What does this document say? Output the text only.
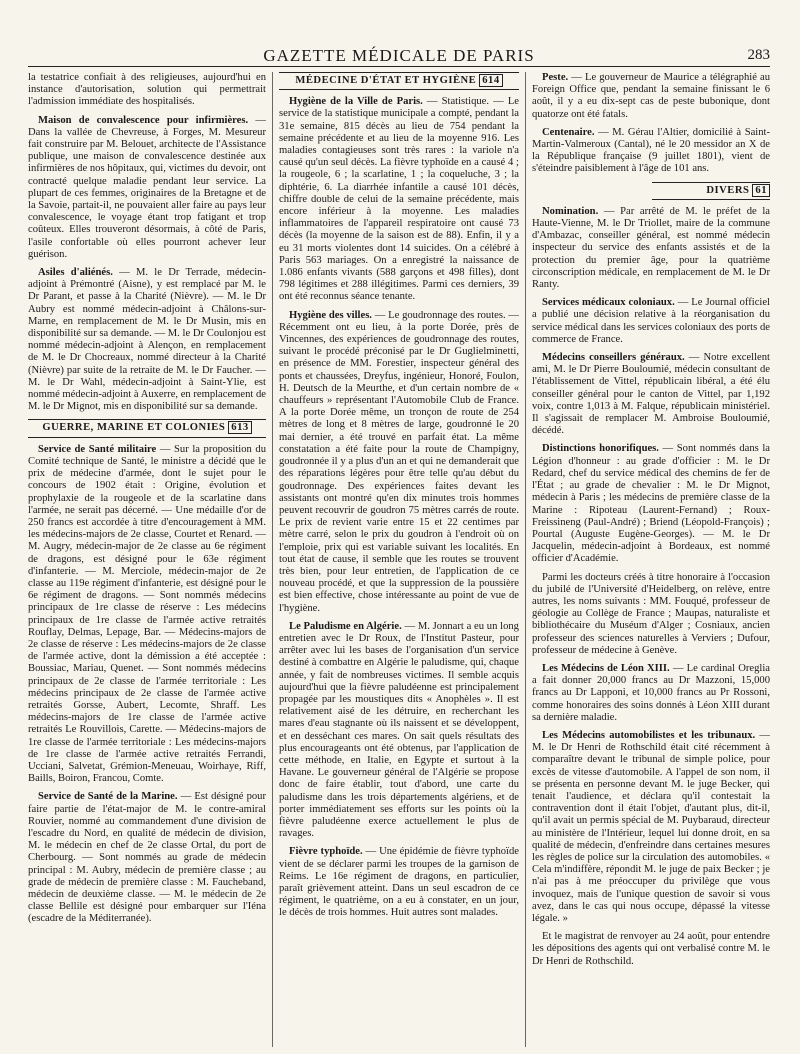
GAZETTE MÉDICALE DE PARIS	283

la testatrice confiait à des religieuses, aujourd'hui en instance d'autorisation, solution qui permettrait l'admission immédiate des hospitalisés.

Maison de convalescence pour infirmières. — Dans la vallée de Chevreuse, à Forges, M. Mesureur fait construire par M. Belouet, architecte de l'Assistance publique, une maison de convalescence destinée aux infirmières de nos hôpitaux, qui, victimes du devoir, ont contracté quelque maladie pendant leur service. La plupart de ces femmes, originaires de la Bretagne et de la Savoie, partait-il, ne pouvaient aller faire au pays leur convalescence, le voyage étant trop fatigant et trop coûteux. Elles trouveront désormais, à côté de Paris, l'asile confortable où elles pourront achever leur guérison.

Asiles d'aliénés. — M. le Dr Terrade, médecin-adjoint à Prémontré (Aisne), y est remplacé par M. le Dr Parant, et passe à la Charité (Nièvre). — M. le Dr Aubry est nommé médecin-adjoint à Châlons-sur-Marne, en remplacement de M. le Dr Musin, mis en disponibilité sur sa demande. — M. le Dr Coulonjou est nommé médecin-adjoint à Alençon, en remplacement de M. le Dr Chocreaux, nommé directeur à la Charité (Nièvre) par suite de la retraite de M. le Dr Faucher. — M. le Dr Wahl, médecin-adjoint à Saint-Ylie, est nommé médecin-adjoint à Auxerre, en remplacement de M. le Dr Mignot, mis en disponibilité sur sa demande.

GUERRE, MARINE ET COLONIES 613

Service de Santé militaire — Sur la proposition du Comité technique de Santé, le ministre a décidé que le prix de médecine d'armée, dont le sujet pour le concours de 1902 était : Origine, évolution et prophylaxie de la rougeole et de la scarlatine dans l'armée, ne serait pas décerné. — Une médaille d'or de 250 francs est accordée à titre d'encouragement à MM. les médecins-majors de 2e classe, Courtet et Renard. — M. Augry, médecin-major de 2e classe au 6e régiment de dragons, est désigné pour le 63e régiment d'infanterie. — M. Merciole, médecin-major de 2e classe au 119e régiment d'infanterie, est désigné pour le 6e régiment de dragons. — Sont nommés médecins principaux de 1re classe de réserve : Les médecins principaux de 1re classe de l'armée active retraités Rouflay, Delmas, Lepage, Bar. — Médecins-majors de 2e classe de réserve : Les médecins-majors de 2e classe de l'armée active, dont la démission a été acceptée : Boussiac, Mariau, Quenet. — Sont nommés médecins principaux de 2e classe de l'armée territoriale : Les médecins principaux de 2e classe de l'armée active retraités Gorsse, Aubert, Lecomte, Shraff. Les médecins-majors de 1re classe de l'armée active retraités Le Rouvillois, Carette. — Médecins-majors de 1re classe de l'armée territoriale : Les médecins-majors de 1re classe de l'armée active retraités Ferrandi, Ucciani, Salvetat, Grémion-Meneuau, Woirhaye, Riff, Baills, Boiron, Francou, Comte.

Service de Santé de la Marine. — Est désigné pour faire partie de l'état-major de M. le contre-amiral Rouvier, nommé au commandement d'une division de l'escadre du Nord, en qualité de médecin de division, M. le médecin en chef de 2e classe Ortal, du port de Cherbourg. — Sont nommés au grade de médecin principal : M. Aubry, médecin de première classe ; au grade de médecin de première classe : M. Faucheband, médecin de deuxième classe. — M. le médecin de 2e classe Bellile est désigné pour embarquer sur l'Iéna (escadre de la Méditerranée).

MÉDECINE D'ÉTAT ET HYGIÈNE 614

Hygiène de la Ville de Paris. — Statistique. — Le service de la statistique municipale a compté, pendant la 31e semaine, 815 décès au lieu de 754 pendant la semaine précédente et au lieu de la moyenne 916. Les maladies contagieuses sont très rares : la variole n'a causé qu'un seul décès. La fièvre typhoïde en a causé 4 ; la rougeole, 6 ; la scarlatine, 1 ; la coqueluche, 3 ; la diphtérie, 6. La diarrhée infantile a causé 101 décès, chiffre double de celui de la semaine précédente, mais encore inférieur à la moyenne. Les maladies inflammatoires de l'appareil respiratoire ont causé 73 décès (la moyenne de la saison est de 88). Enfin, il y a eu 31 morts violentes dont 14 suicides. On a célébré à Paris 563 mariages. On a enregistré la naissance de 1.086 enfants vivants (588 garçons et 498 filles), dont 798 légitimes et 288 illégitimes. Parmi ces derniers, 39 ont été reconnus séance tenante.

Hygiène des villes. — Le goudronnage des routes. — Récemment ont eu lieu, à la porte Dorée, près de Vincennes, des expériences de goudronnage des routes, suivant le procédé préconisé par le Dr Guglielminetti, en présence de MM. Forestier, inspecteur général des ponts et chaussées, Dreyfus, ingénieur, Honoré, Foulon, H. Deutsch de la Meurthe, et d'un certain nombre de « chauffeurs » représentant l'Automobile Club de France. A la porte Dorée même, un tronçon de route de 254 mètres de long et 8 mètres de large, goudronné le 20 mai dernier, a été trouvé en parfait état. La même constatation a été faite pour la route de Champigny, goudronnée il y a plus d'un an et qui ne demanderait que des réparations légères pour être telle qu'au début du goudronnage. Des expériences faites devant les assistants ont montré qu'en dix minutes trois hommes peuvent recouvrir de goudron 75 mètres carrés de route. Le prix de revient varie entre 15 et 22 centimes par mètre carré, selon le prix du goudron à l'endroit où on l'emploie, prix qui est variable suivant les localités. En tout état de cause, il semble que les routes se trouvent très bien, pour leur entretien, de l'application de ce nouveau procédé, et que la suppression de la poussière est bien effective, chose intéressante au point de vue de l'hygiène.

Le Paludisme en Algérie. — M. Jonnart a eu un long entretien avec le Dr Roux, de l'Institut Pasteur, pour arrêter avec lui les bases de l'organisation d'un service destiné à combattre en Algérie le paludisme, qui, chaque année, y fait de nombreuses victimes. Il semble acquis aujourd'hui que la fièvre paludéenne est principalement propagée par les moustiques dits « Anophèles ». Il est relativement aisé de les détruire, en recherchant les mares d'eau stagnante où ils naissent et se développent, et en desséchant ces mares. On sait quels résultats des plus encourageants ont été obtenus, par l'application de cette méthode, en Italie, en Egypte et surtout à la Havane. Le gouverneur général de l'Algérie se propose donc de faire établir, tout d'abord, une carte du paludisme dans les trois départements algériens, et de porter immédiatement ses efforts sur les points où la fièvre paludéenne exerce actuellement le plus de ravages.

Fièvre typhoïde. — Une épidémie de fièvre typhoïde vient de se déclarer parmi les troupes de la garnison de Reims. Le 16e régiment de dragons, en particulier, paraît grièvement atteint. Dans un seul escadron de ce régiment, le quatrième, on a eu à constater, en un jour, le décès de trois hommes. Huit autres sont malades.

Peste. — Le gouverneur de Maurice a télégraphié au Foreign Office que, pendant la semaine finissant le 6 août, il y a eu dix-sept cas de peste bubonique, dont quatorze ont été fatals.

Centenaire. — M. Gérau l'Altier, domicilié à Saint-Martin-Valmeroux (Cantal), né le 20 messidor an X de la République française (9 juillet 1801), vient de s'éteindre paisiblement à l'âge de 101 ans.

DIVERS 61

Nomination. — Par arrêté de M. le préfet de la Haute-Vienne, M. le Dr Triollet, maire de la commune d'Ambazac, conseiller général, est nommé médecin inspecteur du service des enfants assistés et de la protection du premier âge, pour la quatrième circonscription médicale, en remplacement de M. le Dr Ranty.

Services médicaux coloniaux. — Le Journal officiel a publié une décision relative à la réorganisation du service médical dans les services coloniaux des ports de commerce de France.

Médecins conseillers généraux. — Notre excellent ami, M. le Dr Pierre Bouloumié, médecin consultant de l'établissement de Vittel, républicain libéral, a été élu conseiller général pour le canton de Vittel, par 1,192 voix, contre 1,013 à M. Falque, républicain ministériel. Il s'agissait de remplacer M. Ambroise Bouloumié, décédé.

Distinctions honorifiques. — Sont nommés dans la Légion d'honneur : au grade d'officier : M. le Dr Redard, chef du service médical des chemins de fer de l'État ; au grade de chevalier : M. le Dr Mignot, médecin à Paris ; les médecins de première classe de la Marine : Ripoteau (Laurent-Fernand) ; Roux-Freissineng (Paul-André) ; Briend (Léopold-François) ; Pourtal (Auguste Eugène-Georges). — M. le Dr Jacquelin, médecin-adjoint à Bordeaux, est nommé officier d'Académie.

Parmi les docteurs créés à titre honoraire à l'occasion du jubilé de l'Université d'Heidelberg, on relève, entre autres, les noms suivants : MM. Fouqué, professeur de géologie au Collège de France ; Maupas, naturaliste et bibliothécaire du Muséum d'Alger ; Cosniaux, ancien professeur des sciences naturelles à Verviers ; Dufour, professeur de médecine à Genève.

Les Médecins de Léon XIII. — Le cardinal Oreglia a fait donner 20,000 francs au Dr Mazzoni, 15,000 francs au Dr Lapponi, et 10,000 francs au Pr Rossoni, comme honoraires des soins donnés à Léon XIII durant sa dernière maladie.

Les Médecins automobilistes et les tribunaux. — M. le Dr Henri de Rothschild était cité récemment à comparaître devant le tribunal de simple police, pour excès de vitesse d'automobile. A l'appel de son nom, il se présenta en personne devant M. le juge Becker, qui tenait l'audience, et déclara qu'il contestait la contravention dont il était l'objet, d'autant plus, dit-il, qu'il avait un permis spécial de M. Puybaraud, directeur au ministère de l'Intérieur, lequel lui donne droit, en sa qualité de médecin, d'enfreindre dans certaines mesures les règles de police sur la circulation des automobiles. « Cela m'indiffère, répondit M. le juge de paix Becker ; je n'ai pas à me préoccuper du privilège que vous invoquez, mais de l'unique question de savoir si vous avez, dans le cas qui nous occupe, dépassé la vitesse légale. »

Et le magistrat de renvoyer au 24 août, pour entendre les dépositions des agents qui ont verbalisé contre M. le Dr Henri de Rothschild.
